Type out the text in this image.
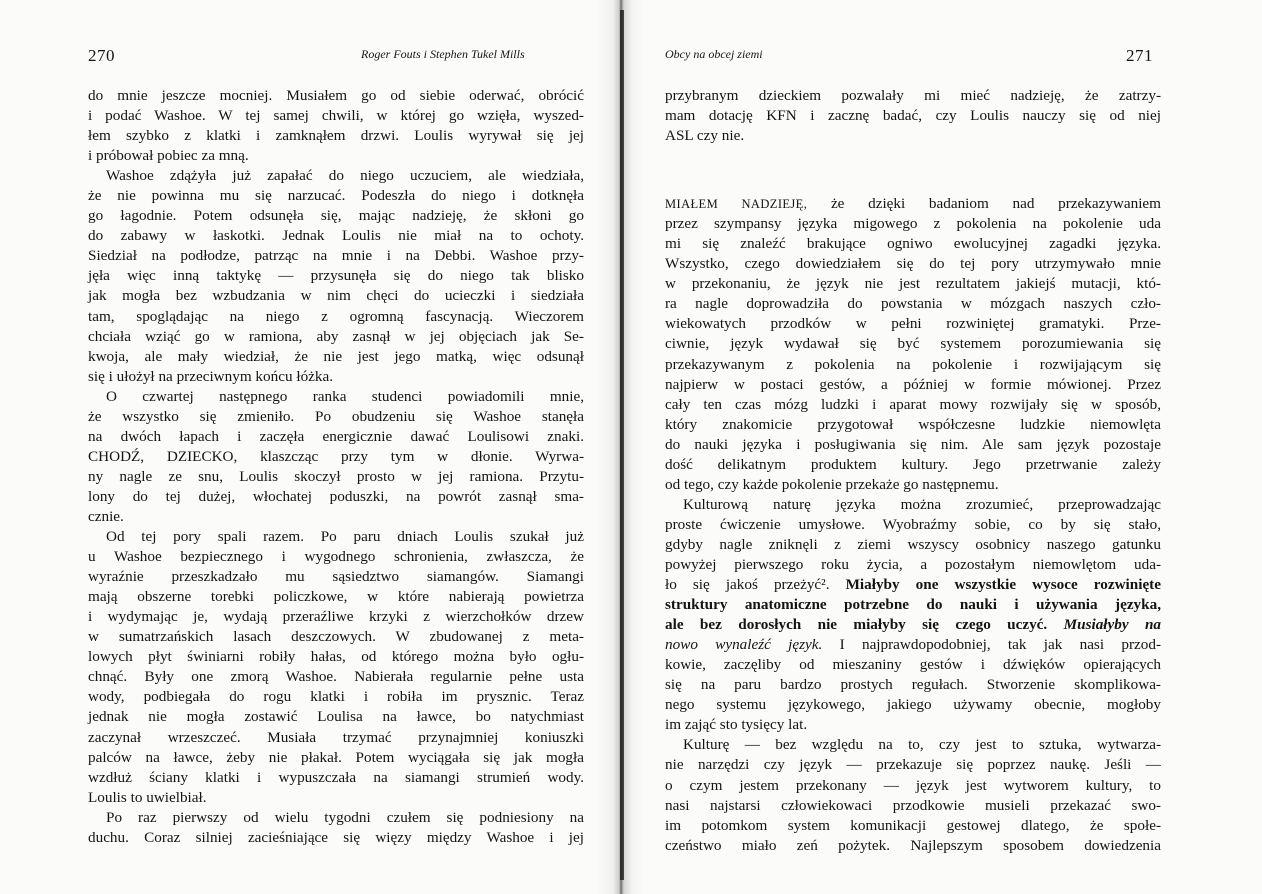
270	Roger Fouts i Stephen Tukel Mills
do mnie jeszcze mocniej. Musiałem go od siebie oderwać, obrócić
i podać Washoe. W tej samej chwili, w której go wzięła, wyszed-
łem szybko z klatki i zamknąłem drzwi. Loulis wyrywał się jej
i próbował pobiec za mną.
Washoe zdążyła już zapałać do niego uczuciem, ale wiedziała,
że nie powinna mu się narzucać. Podeszła do niego i dotknęła
go łagodnie. Potem odsunęła się, mając nadzieję, że skłoni go
do zabawy w łaskotki. Jednak Loulis nie miał na to ochoty.
Siedział na podłodze, patrząc na mnie i na Debbi. Washoe przy-
jęła więc inną taktykę — przysunęła się do niego tak blisko
jak mogła bez wzbudzania w nim chęci do ucieczki i siedziała
tam, spoglądając na niego z ogromną fascynacją. Wieczorem
chciała wziąć go w ramiona, aby zasnął w jej objęciach jak Se-
kwoja, ale mały wiedział, że nie jest jego matką, więc odsunął
się i ułożył na przeciwnym końcu łóżka.
O czwartej następnego ranka studenci powiadomili mnie,
że wszystko się zmieniło. Po obudzeniu się Washoe stanęła
na dwóch łapach i zaczęła energicznie dawać Loulisowi znaki.
CHODŹ, DZIECKO, klaszcząc przy tym w dłonie. Wyrwa-
ny nagle ze snu, Loulis skoczył prosto w jej ramiona. Przytu-
lony do tej dużej, włochatej poduszki, na powrót zasnął sma-
cznie.
Od tej pory spali razem. Po paru dniach Loulis szukał już
u Washoe bezpiecznego i wygodnego schronienia, zwłaszcza, że
wyraźnie przeszkadzało mu sąsiedztwo siamangów. Siamangi
mają obszerne torebki policzkowe, w które nabierają powietrza
i wydymając je, wydają przeraźliwe krzyki z wierzchołków drzew
w sumatrzańskich lasach deszczowych. W zbudowanej z meta-
lowych płyt świniarni robiły hałas, od którego można było ogłu-
chnąć. Były one zmorą Washoe. Nabierała regularnie pełne usta
wody, podbiegała do rogu klatki i robiła im prysznic. Teraz
jednak nie mogła zostawić Loulisa na ławce, bo natychmiast
zaczynał wrzeszczeć. Musiała trzymać przynajmniej koniuszki
palców na ławce, żeby nie płakał. Potem wyciągała się jak mogła
wzdłuż ściany klatki i wypuszczała na siamangi strumień wody.
Loulis to uwielbiał.
Po raz pierwszy od wielu tygodni czułem się podniesiony na
duchu. Coraz silniej zacieśniające się więzy między Washoe i jej
Obcy na obcej ziemi	271
przybranym dzieckiem pozwalały mi mieć nadzieję, że zatrzy-
mam dotację KFN i zacznę badać, czy Loulis nauczy się od niej
ASL czy nie.
MIAŁEM NADZIEJĘ, że dzięki badaniom nad przekazywaniem
przez szympansy języka migowego z pokolenia na pokolenie uda
mi się znaleźć brakujące ogniwo ewolucyjnej zagadki języka.
Wszystko, czego dowiedziałem się do tej pory utrzymywało mnie
w przekonaniu, że język nie jest rezultatem jakiejś mutacji, któ-
ra nagle doprowadziła do powstania w mózgach naszych czło-
wiekowatych przodków w pełni rozwiniętej gramatyki. Prze-
ciwnie, język wydawał się być systemem porozumiewania się
przekazywanym z pokolenia na pokolenie i rozwijającym się
najpierw w postaci gestów, a później w formie mówionej. Przez
cały ten czas mózg ludzki i aparat mowy rozwijały się w sposób,
który znakomicie przygotował współczesne ludzkie niemowlęta
do nauki języka i posługiwania się nim. Ale sam język pozostaje
dość delikatnym produktem kultury. Jego przetrwanie zależy
od tego, czy każde pokolenie przekaże go następnemu.
Kulturową naturę języka można zrozumieć, przeprowadzając
proste ćwiczenie umysłowe. Wyobraźmy sobie, co by się stało,
gdyby nagle zniknęli z ziemi wszyscy osobnicy naszego gatunku
powyżej pierwszego roku życia, a pozostałym niemowlętom uda-
ło się jakoś przeżyć². Miałyby one wszystkie wysoce rozwinięte
struktury anatomiczne potrzebne do nauki i używania języka,
ale bez dorosłych nie miałyby się czego uczyć. Musiałyby na
nowo wynaleźć język. I najprawdopodobniej, tak jak nasi przod-
kowie, zaczęliby od mieszaniny gestów i dźwięków opierających
się na paru bardzo prostych regułach. Stworzenie skomplikowa-
nego systemu językowego, jakiego używamy obecnie, mogłoby
im zająć sto tysięcy lat.
Kulturę — bez względu na to, czy jest to sztuka, wytwarza-
nie narzędzi czy język — przekazuje się poprzez naukę. Jeśli —
o czym jestem przekonany — język jest wytworem kultury, to
nasi najstarsi człowiekowaci przodkowie musieli przekazać swo-
im potomkom system komunikacji gestowej dlatego, że społe-
czeństwo miało zeń pożytek. Najlepszym sposobem dowiedzenia
